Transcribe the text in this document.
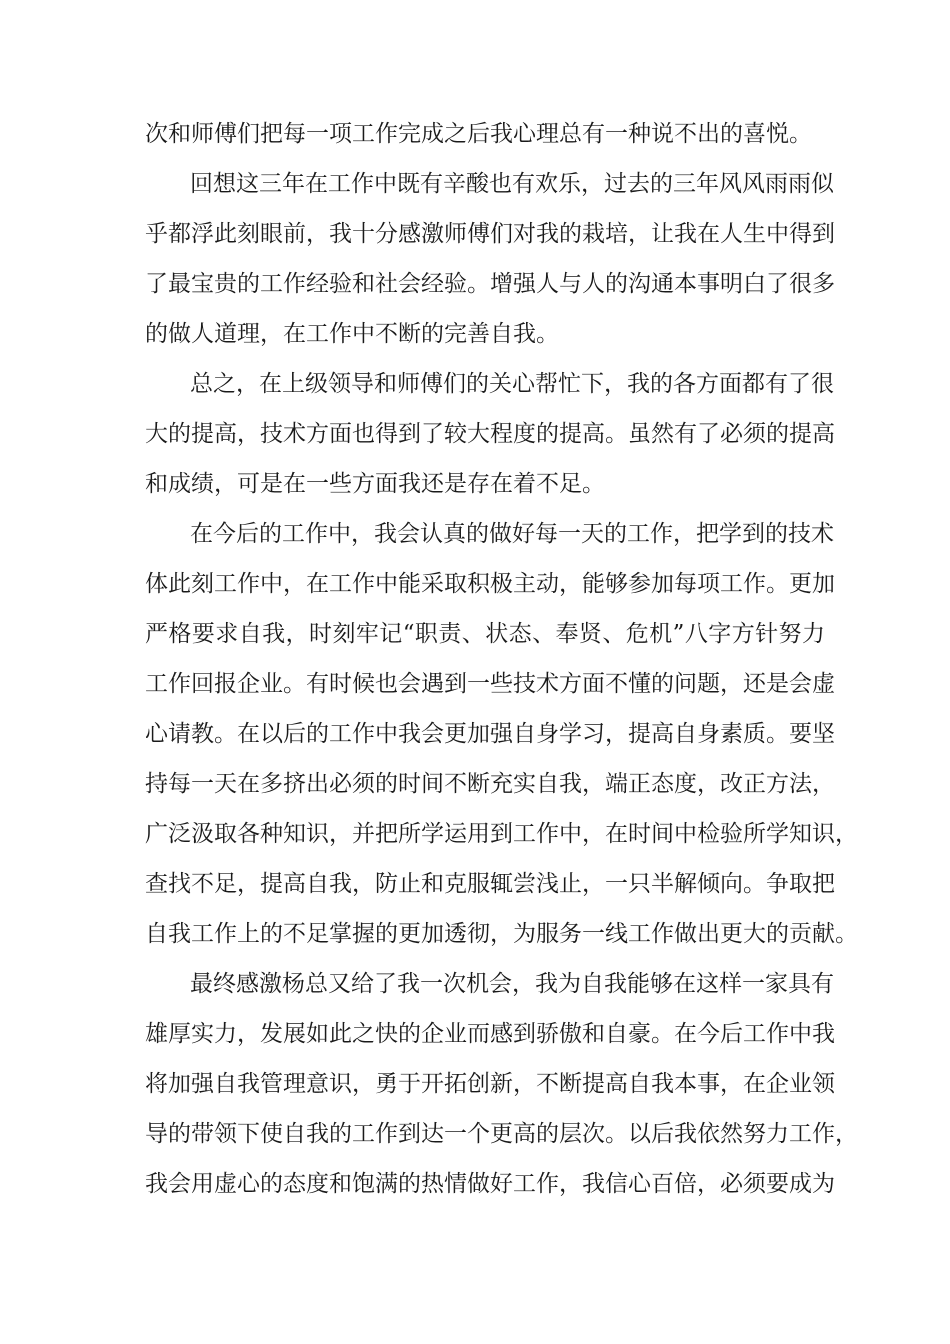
次和师傅们把每一项工作完成之后我心理总有一种说不出的喜悦。
回想这三年在工作中既有辛酸也有欢乐，过去的三年风风雨雨似
乎都浮此刻眼前，我十分感激师傅们对我的栽培，让我在人生中得到
了最宝贵的工作经验和社会经验。增强人与人的沟通本事明白了很多
的做人道理，在工作中不断的完善自我。
总之，在上级领导和师傅们的关心帮忙下，我的各方面都有了很
大的提高，技术方面也得到了较大程度的提高。虽然有了必须的提高
和成绩，可是在一些方面我还是存在着不足。
在今后的工作中，我会认真的做好每一天的工作，把学到的技术
体此刻工作中，在工作中能采取积极主动，能够参加每项工作。更加
严格要求自我，时刻牢记“职责、状态、奉贤、危机”八字方针努力
工作回报企业。有时候也会遇到一些技术方面不懂的问题，还是会虚
心请教。在以后的工作中我会更加强自身学习，提高自身素质。要坚
持每一天在多挤出必须的时间不断充实自我，端正态度，改正方法，
广泛汲取各种知识，并把所学运用到工作中，在时间中检验所学知识，
查找不足，提高自我，防止和克服辄尝浅止，一只半解倾向。争取把
自我工作上的不足掌握的更加透彻，为服务一线工作做出更大的贡献。
最终感激杨总又给了我一次机会，我为自我能够在这样一家具有
雄厚实力，发展如此之快的企业而感到骄傲和自豪。在今后工作中我
将加强自我管理意识，勇于开拓创新，不断提高自我本事，在企业领
导的带领下使自我的工作到达一个更高的层次。以后我依然努力工作，
我会用虚心的态度和饱满的热情做好工作，我信心百倍，必须要成为
